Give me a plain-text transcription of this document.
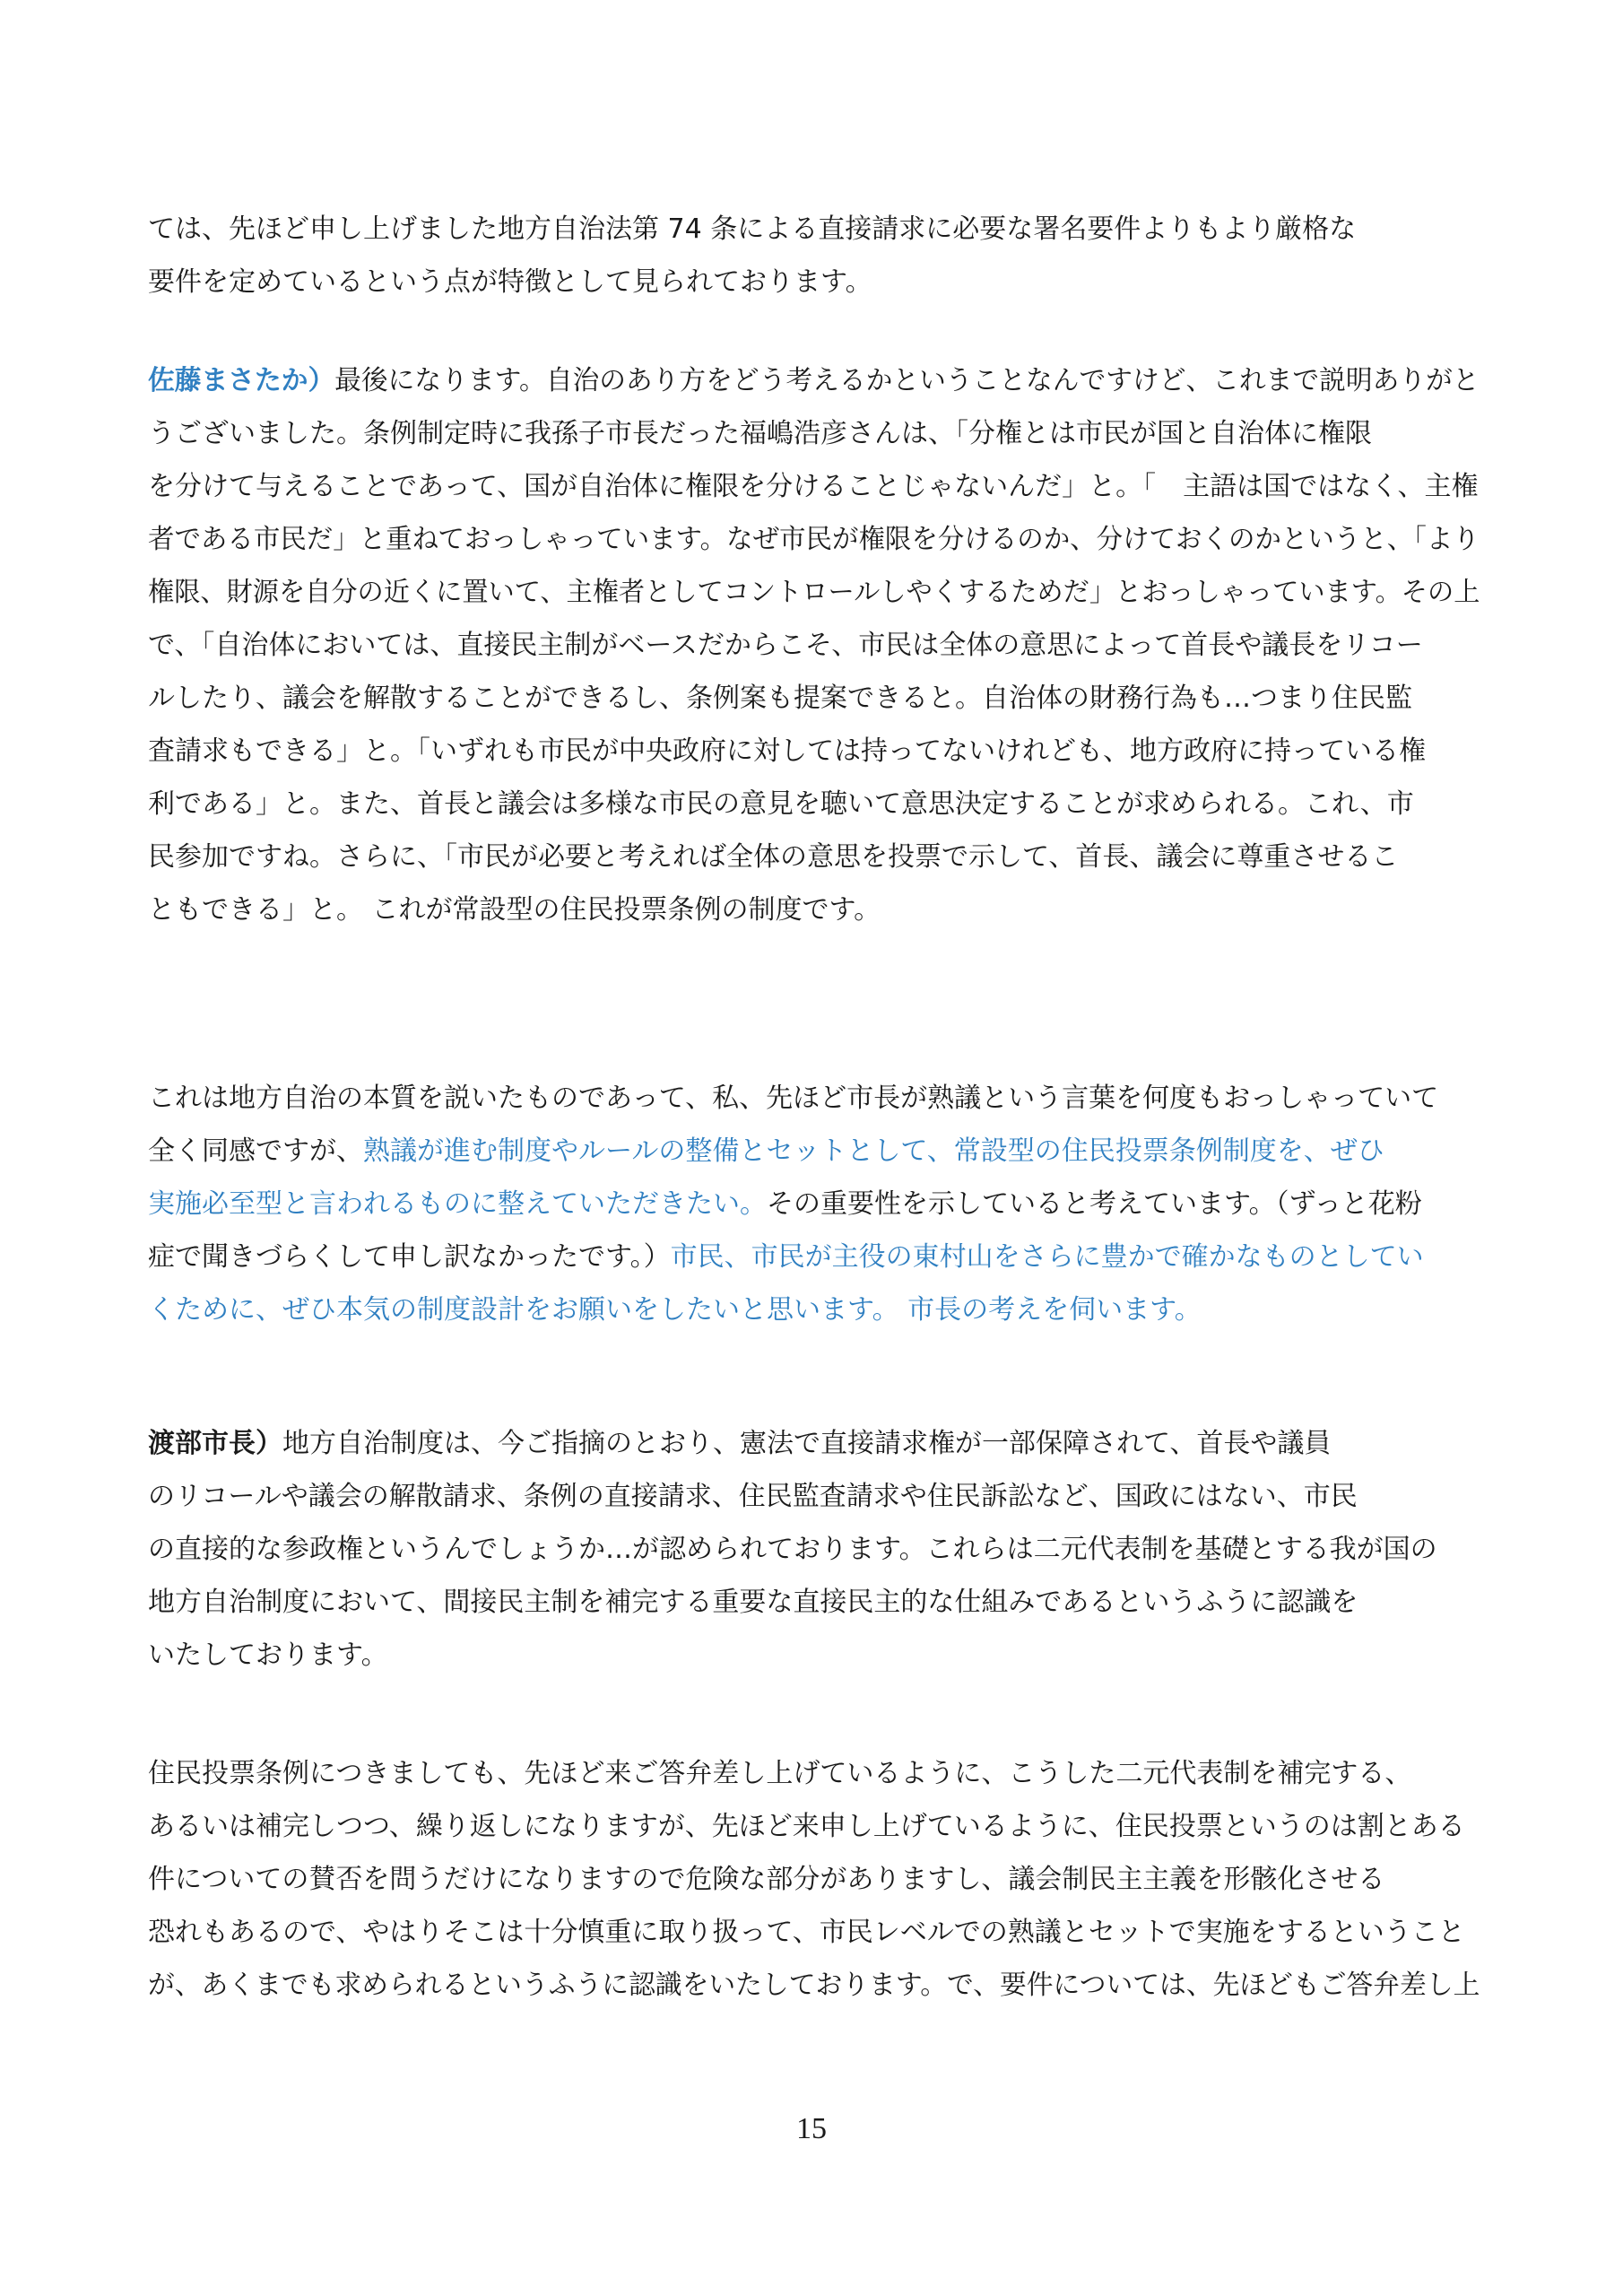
ては、先ほど申し上げました地方自治法第 74 条による直接請求に必要な署名要件よりもより厳格な
要件を定めているという点が特徴として見られております。
佐藤まさたか）最後になります。自治のあり方をどう考えるかということなんですけど、これまで説明ありがと
うございました。条例制定時に我孫子市長だった福嶋浩彦さんは、「分権とは市民が国と自治体に権限
を分けて与えることであって、国が自治体に権限を分けることじゃないんだ」と。「　主語は国ではなく、主権
者である市民だ」と重ねておっしゃっています。なぜ市民が権限を分けるのか、分けておくのかというと、「より
権限、財源を自分の近くに置いて、主権者としてコントロールしやくするためだ」とおっしゃっています。その上
で、「自治体においては、直接民主制がベースだからこそ、市民は全体の意思によって首長や議長をリコー
ルしたり、議会を解散することができるし、条例案も提案できると。自治体の財務行為も…つまり住民監
査請求もできる」と。「いずれも市民が中央政府に対しては持ってないけれども、地方政府に持っている権
利である」と。また、首長と議会は多様な市民の意見を聴いて意思決定することが求められる。これ、市
民参加ですね。さらに、「市民が必要と考えれば全体の意思を投票で示して、首長、議会に尊重させるこ
ともできる」と。 これが常設型の住民投票条例の制度です。
これは地方自治の本質を説いたものであって、私、先ほど市長が熟議という言葉を何度もおっしゃっていて
全く同感ですが、熟議が進む制度やルールの整備とセットとして、常設型の住民投票条例制度を、ぜひ
実施必至型と言われるものに整えていただきたい。その重要性を示していると考えています。（ずっと花粉
症で聞きづらくして申し訳なかったです。）市民、市民が主役の東村山をさらに豊かで確かなものとしてい
くために、ぜひ本気の制度設計をお願いをしたいと思います。 市長の考えを伺います。
渡部市長）地方自治制度は、今ご指摘のとおり、憲法で直接請求権が一部保障されて、首長や議員
のリコールや議会の解散請求、条例の直接請求、住民監査請求や住民訴訟など、国政にはない、市民
の直接的な参政権というんでしょうか…が認められております。これらは二元代表制を基礎とする我が国の
地方自治制度において、間接民主制を補完する重要な直接民主的な仕組みであるというふうに認識を
いたしております。
住民投票条例につきましても、先ほど来ご答弁差し上げているように、こうした二元代表制を補完する、
あるいは補完しつつ、繰り返しになりますが、先ほど来申し上げているように、住民投票というのは割とある
件についての賛否を問うだけになりますので危険な部分がありますし、議会制民主主義を形骸化させる
恐れもあるので、やはりそこは十分慎重に取り扱って、市民レベルでの熟議とセットで実施をするということ
が、あくまでも求められるというふうに認識をいたしております。で、要件については、先ほどもご答弁差し上
15
